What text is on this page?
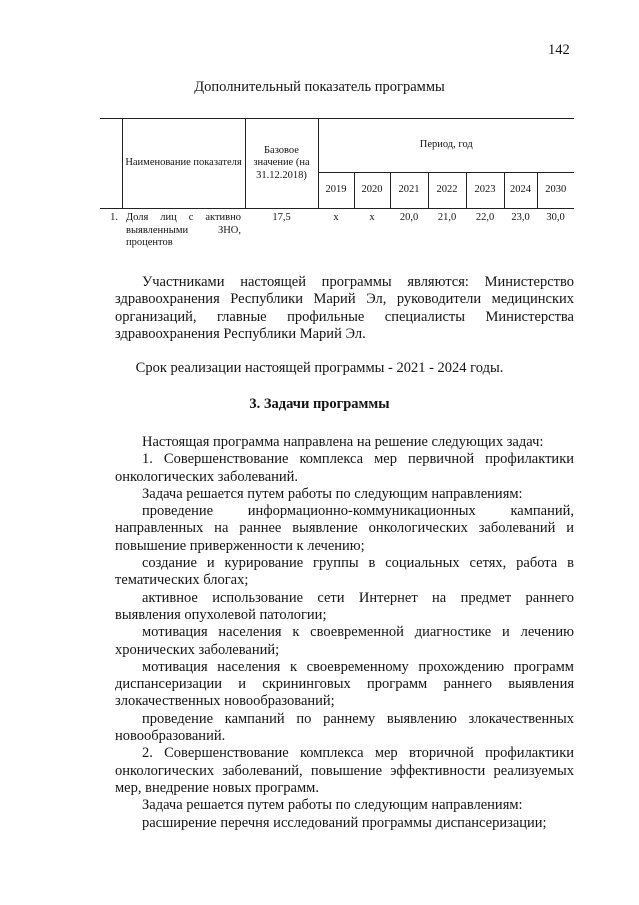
142
Дополнительный показатель программы
	Наименование показателя	Базовое значение (на 31.12.2018)	Период, год						
			2019	2020	2021	2022	2023	2024	2030
1.	Доля лиц с активно выявленными ЗНО, процентов	17,5	х	х	20,0	21,0	22,0	23,0	30,0

Участниками настоящей программы являются: Министерство здравоохранения Республики Марий Эл, руководители медицинских организаций, главные профильные специалисты Министерства здравоохранения Республики Марий Эл.

Срок реализации настоящей программы - 2021 - 2024 годы.
3. Задачи программы

Настоящая программа направлена на решение следующих задач:

1. Совершенствование комплекса мер первичной профилактики онкологических заболеваний.

Задача решается путем работы по следующим направлениям:

проведение информационно-коммуникационных кампаний, направленных на раннее выявление онкологических заболеваний и повышение приверженности к лечению;

создание и курирование группы в социальных сетях, работа в тематических блогах;

активное использование сети Интернет на предмет раннего выявления опухолевой патологии;

мотивация населения к своевременной диагностике и лечению хронических заболеваний;

мотивация населения к своевременному прохождению программ диспансеризации и скрининговых программ раннего выявления злокачественных новообразований;

проведение кампаний по раннему выявлению злокачественных новообразований.

2. Совершенствование комплекса мер вторичной профилактики онкологических заболеваний, повышение эффективности реализуемых мер, внедрение новых программ.

Задача решается путем работы по следующим направлениям:

расширение перечня исследований программы диспансеризации;
